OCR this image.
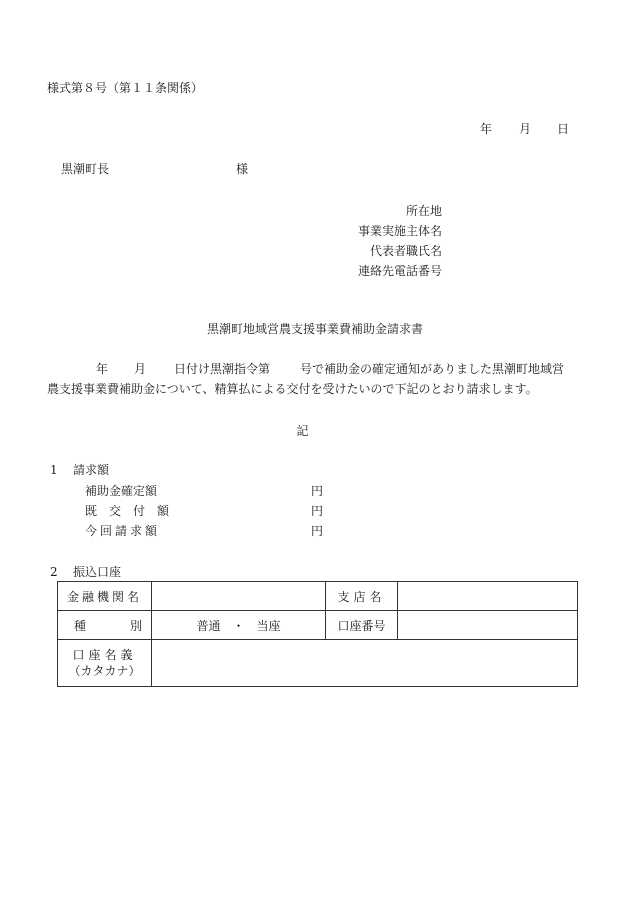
様式第８号（第１１条関係）
年 月 日
黒潮町長	様
所在地
事業実施主体名
代表者職氏名
連絡先電話番号
黒潮町地域営農支援事業費補助金請求書
年 月 日付け黒潮指令第 号で補助金の確定通知がありました黒潮町地域営
農支援事業費補助金について、精算払による交付を受けたいので下記のとおり請求します。
記
1 請求額
補助金確定額	円
既　交　付　額	円
今回請求額	円
2 振込口座
金融機関名		支店名	

種別	普通　・　当座	口座番号	

口座名義
（カタカナ）			
